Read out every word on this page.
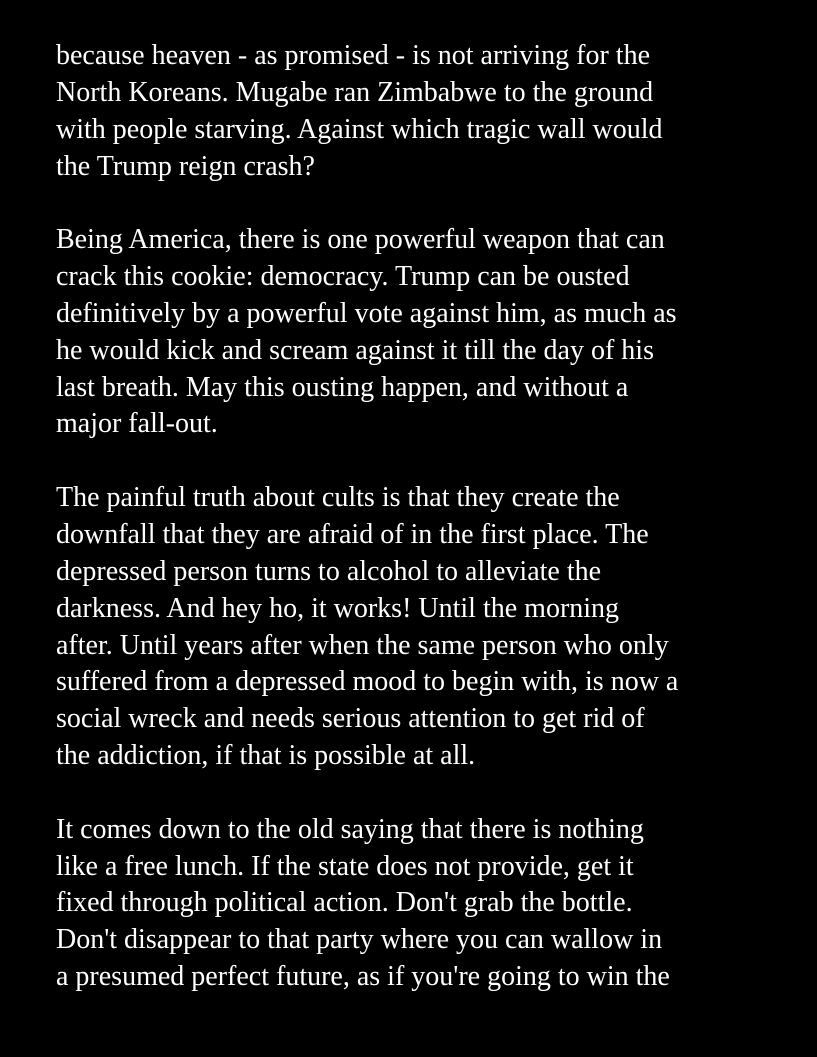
because heaven - as promised - is not arriving for the
North Koreans. Mugabe ran Zimbabwe to the ground
with people starving. Against which tragic wall would
the Trump reign crash?
Being America, there is one powerful weapon that can
crack this cookie: democracy. Trump can be ousted
definitively by a powerful vote against him, as much as
he would kick and scream against it till the day of his
last breath. May this ousting happen, and without a
major fall-out.
The painful truth about cults is that they create the
downfall that they are afraid of in the first place. The
depressed person turns to alcohol to alleviate the
darkness. And hey ho, it works! Until the morning
after. Until years after when the same person who only
suffered from a depressed mood to begin with, is now a
social wreck and needs serious attention to get rid of
the addiction, if that is possible at all.
It comes down to the old saying that there is nothing
like a free lunch. If the state does not provide, get it
fixed through political action. Don't grab the bottle.
Don't disappear to that party where you can wallow in
a presumed perfect future, as if you're going to win the
